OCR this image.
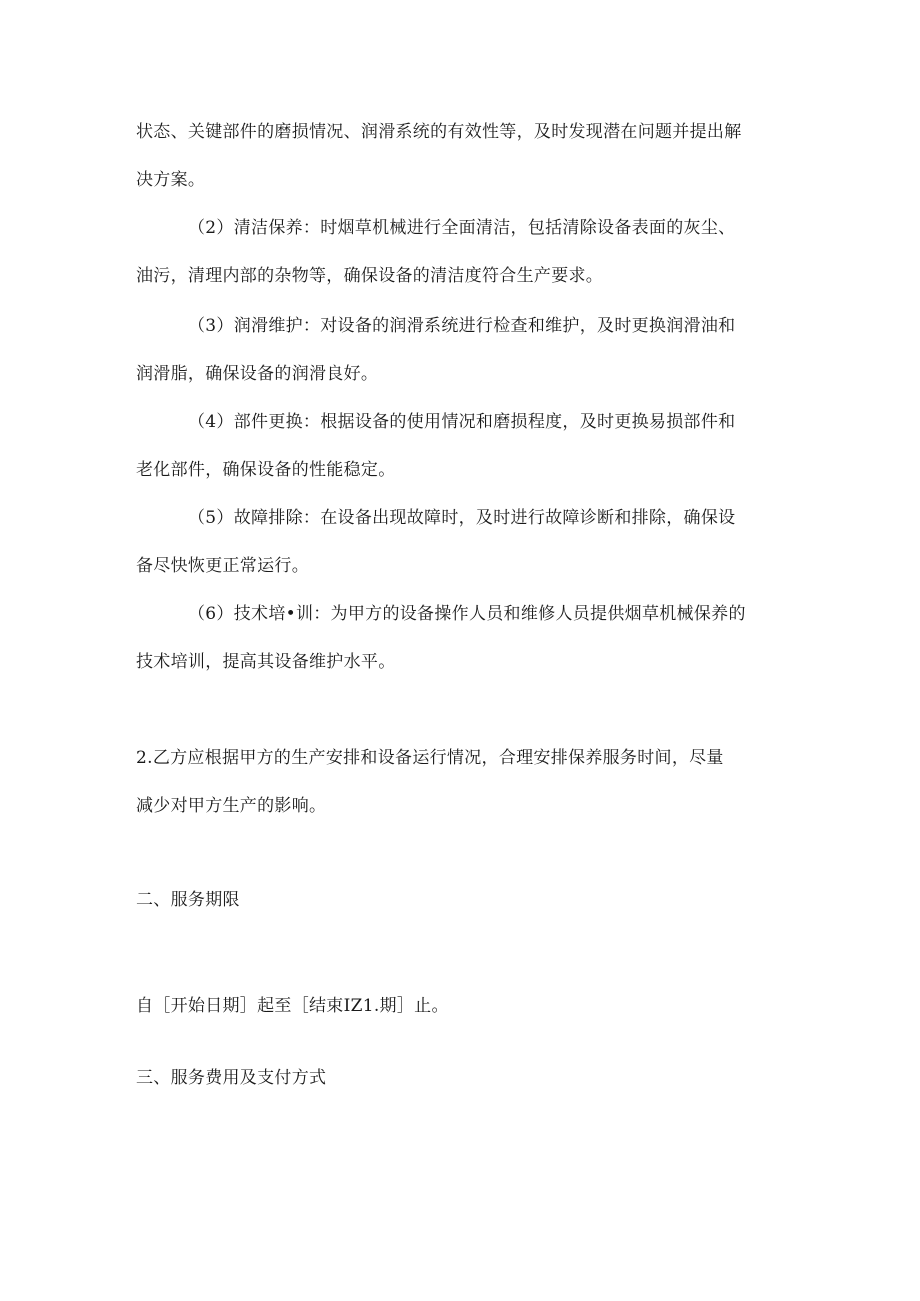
状态、关键部件的磨损情况、润滑系统的有效性等，及时发现潜在问题并提出解
决方案。
（2）清洁保养：时烟草机械进行全面清洁，包括清除设备表面的灰尘、
油污，清理内部的杂物等，确保设备的清洁度符合生产要求。
（3）润滑维护：对设备的润滑系统进行检查和维护，及时更换润滑油和
润滑脂，确保设备的润滑良好。
（4）部件更换：根据设备的使用情况和磨损程度，及时更换易损部件和
老化部件，确保设备的性能稳定。
（5）故障排除：在设备出现故障时，及时进行故障诊断和排除，确保设
备尽快恢更正常运行。
（6）技术培•训：为甲方的设备操作人员和维修人员提供烟草机械保养的
技术培训，提高其设备维护水平。
2.乙方应根据甲方的生产安排和设备运行情况，合理安排保养服务时间，尽量
减少对甲方生产的影响。
二、服务期限
自［开始日期］起至［结束IZ1.期］止。
三、服务费用及支付方式
